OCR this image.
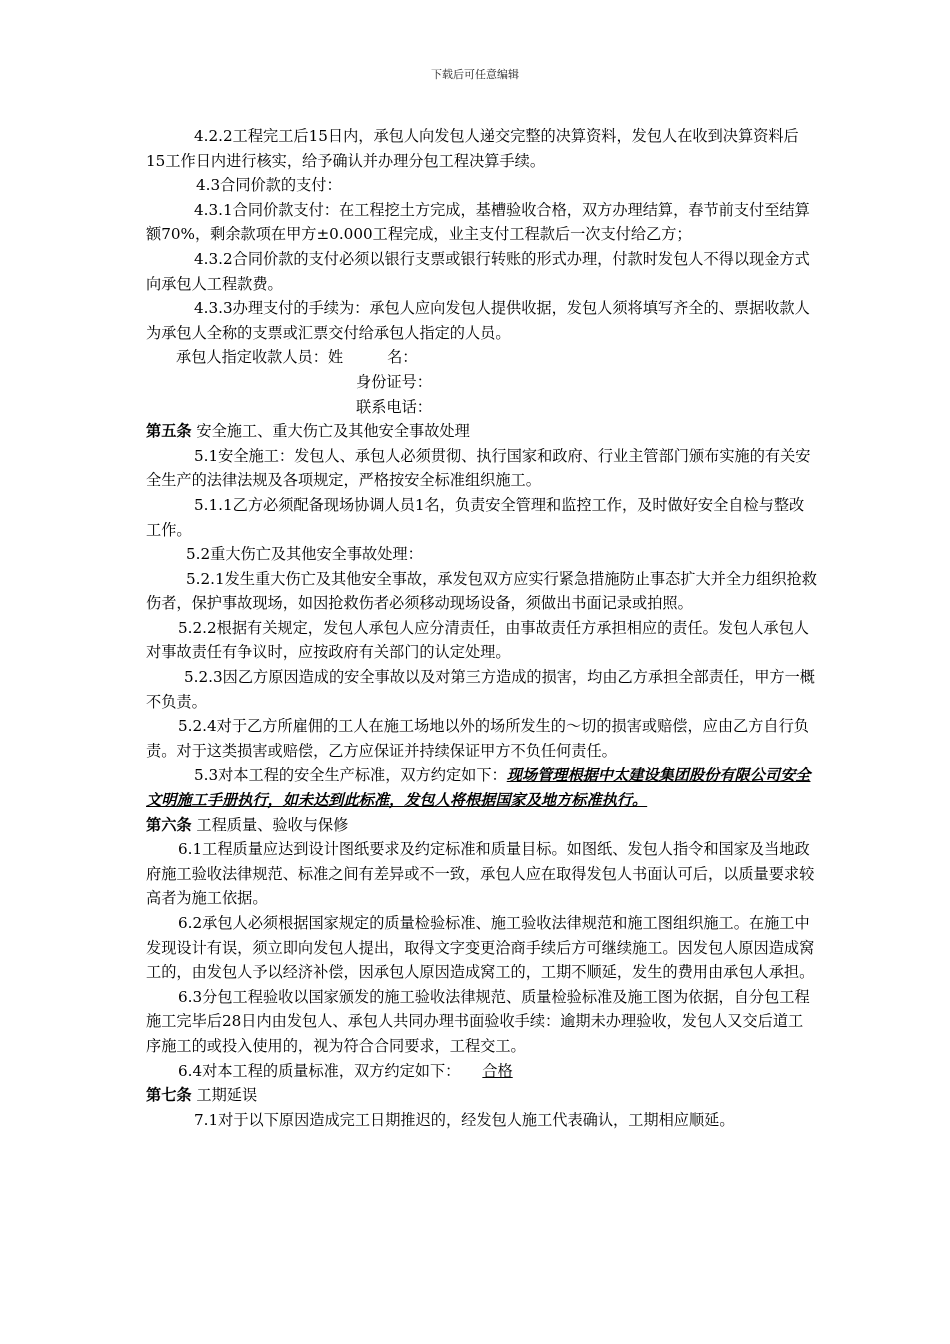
下载后可任意编辑

4.2.2工程完工后15日内，承包人向发包人递交完整的决算资料，发包人在收到决算资料后15工作日内进行核实，给予确认并办理分包工程决算手续。

4.3合同价款的支付：

4.3.1合同价款支付：在工程挖土方完成，基槽验收合格，双方办理结算，春节前支付至结算额70%，剩余款项在甲方±0.000工程完成，业主支付工程款后一次支付给乙方；

4.3.2合同价款的支付必须以银行支票或银行转账的形式办理，付款时发包人不得以现金方式向承包人工程款费。

4.3.3办理支付的手续为：承包人应向发包人提供收据，发包人须将填写齐全的、票据收款人为承包人全称的支票或汇票交付给承包人指定的人员。

承包人指定收款人员：姓	名：

身份证号：

联系电话：

第五条 安全施工、重大伤亡及其他安全事故处理

5.1安全施工：发包人、承包人必须贯彻、执行国家和政府、行业主管部门颁布实施的有关安全生产的法律法规及各项规定，严格按安全标准组织施工。

5.1.1乙方必须配备现场协调人员1名，负责安全管理和监控工作，及时做好安全自检与整改工作。

5.2重大伤亡及其他安全事故处理：

5.2.1发生重大伤亡及其他安全事故，承发包双方应实行紧急措施防止事态扩大并全力组织抢救伤者，保护事故现场，如因抢救伤者必须移动现场设备，须做出书面记录或拍照。

5.2.2根据有关规定，发包人承包人应分清责任，由事故责任方承担相应的责任。发包人承包人对事故责任有争议时，应按政府有关部门的认定处理。

5.2.3因乙方原因造成的安全事故以及对第三方造成的损害，均由乙方承担全部责任，甲方一概不负责。

5.2.4对于乙方所雇佣的工人在施工场地以外的场所发生的～切的损害或赔偿，应由乙方自行负责。对于这类损害或赔偿，乙方应保证并持续保证甲方不负任何责任。

5.3对本工程的安全生产标准，双方约定如下：现场管理根据中太建设集团股份有限公司安全文明施工手册执行，如未达到此标准，发包人将根据国家及地方标准执行。

第六条 工程质量、验收与保修

6.1工程质量应达到设计图纸要求及约定标准和质量目标。如图纸、发包人指令和国家及当地政府施工验收法律规范、标准之间有差异或不一致，承包人应在取得发包人书面认可后，以质量要求较高者为施工依据。

6.2承包人必须根据国家规定的质量检验标准、施工验收法律规范和施工图组织施工。在施工中发现设计有误，须立即向发包人提出，取得文字变更洽商手续后方可继续施工。因发包人原因造成窝工的，由发包人予以经济补偿，因承包人原因造成窝工的，工期不顺延，发生的费用由承包人承担。

6.3分包工程验收以国家颁发的施工验收法律规范、质量检验标准及施工图为依据，自分包工程施工完毕后28日内由发包人、承包人共同办理书面验收手续：逾期未办理验收，发包人又交后道工序施工的或投入使用的，视为符合合同要求，工程交工。

6.4对本工程的质量标准，双方约定如下： 合格

第七条 工期延误

7.1对于以下原因造成完工日期推迟的，经发包人施工代表确认，工期相应顺延。
